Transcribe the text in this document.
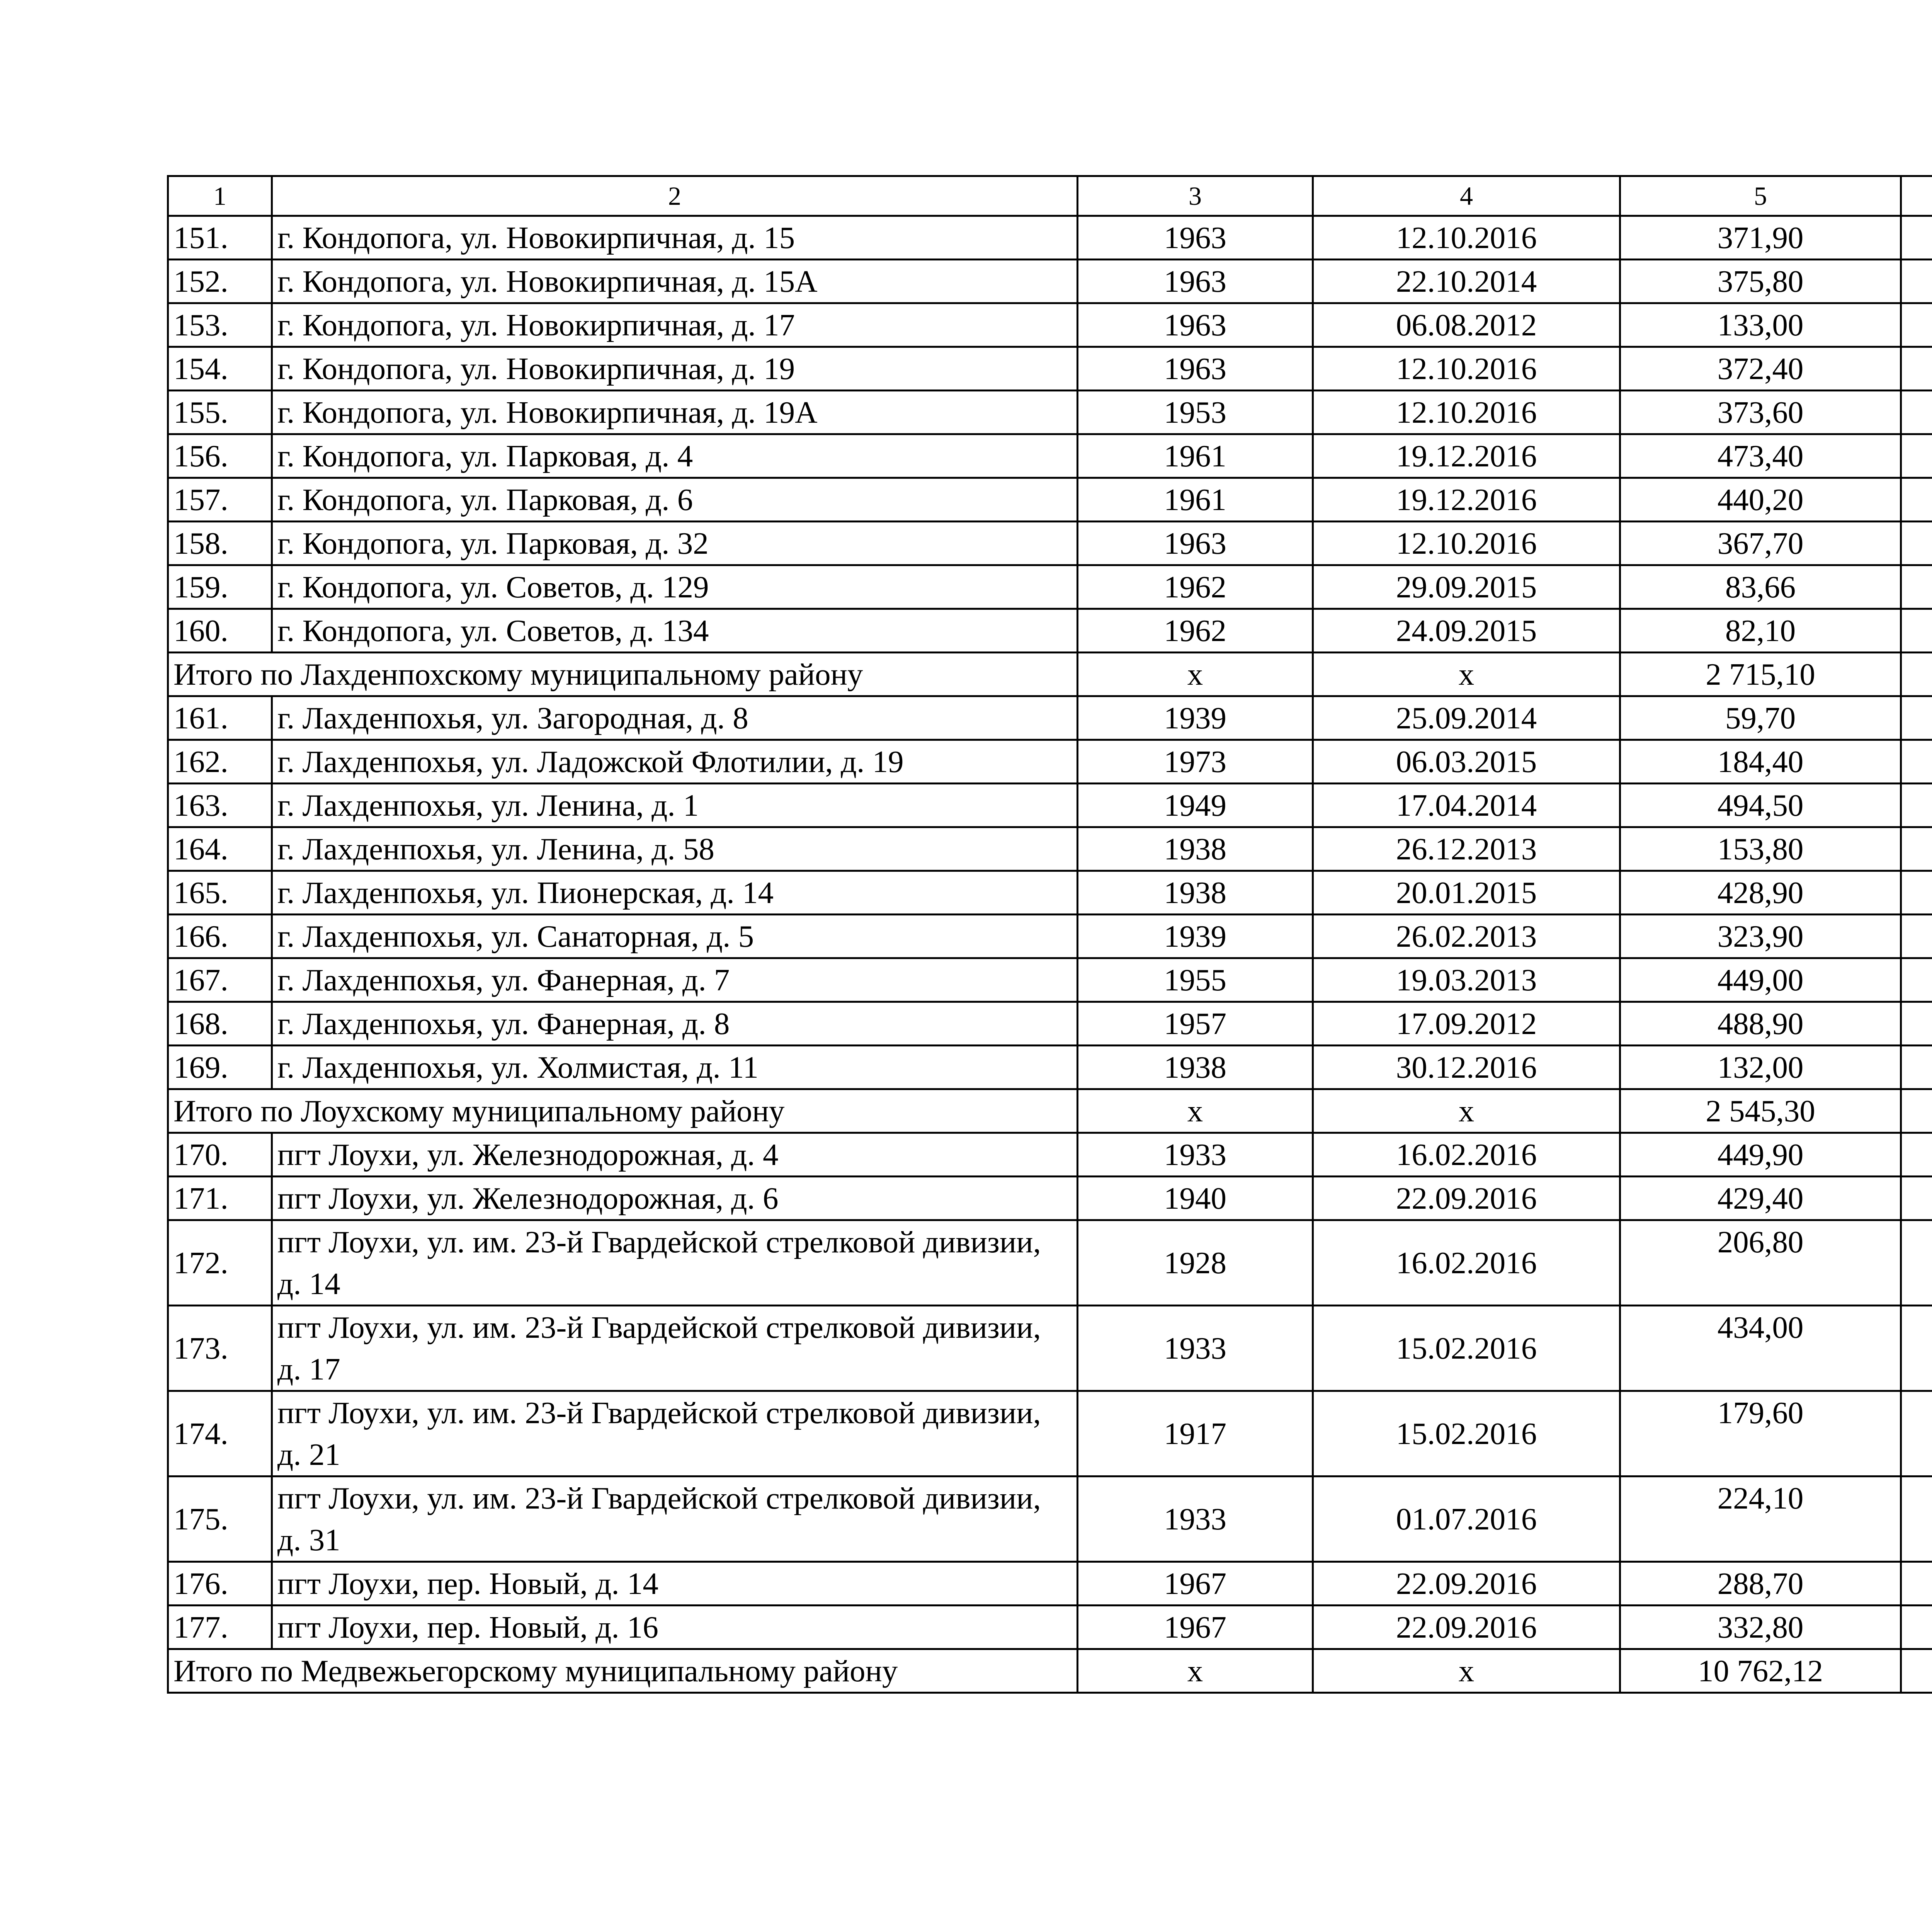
1	2	3	4	5		
151.	г. Кондопога, ул. Новокирпичная, д. 15	1963	12.10.2016	371,90		
152.	г. Кондопога, ул. Новокирпичная, д. 15А	1963	22.10.2014	375,80		
153.	г. Кондопога, ул. Новокирпичная, д. 17	1963	06.08.2012	133,00		
154.	г. Кондопога, ул. Новокирпичная, д. 19	1963	12.10.2016	372,40		
155.	г. Кондопога, ул. Новокирпичная, д. 19А	1953	12.10.2016	373,60		
156.	г. Кондопога, ул. Парковая, д. 4	1961	19.12.2016	473,40		
157.	г. Кондопога, ул. Парковая, д. 6	1961	19.12.2016	440,20		
158.	г. Кондопога, ул. Парковая, д. 32	1963	12.10.2016	367,70		
159.	г. Кондопога, ул. Советов, д. 129	1962	29.09.2015	83,66		
160.	г. Кондопога, ул. Советов, д. 134	1962	24.09.2015	82,10		
Итого по Лахденпохскому муниципальному району		х	х	2 715,10		
161.	г. Лахденпохья, ул. Загородная, д. 8	1939	25.09.2014	59,70		
162.	г. Лахденпохья, ул. Ладожской Флотилии, д. 19	1973	06.03.2015	184,40		
163.	г. Лахденпохья, ул. Ленина, д. 1	1949	17.04.2014	494,50		
164.	г. Лахденпохья, ул. Ленина, д. 58	1938	26.12.2013	153,80		
165.	г. Лахденпохья, ул. Пионерская, д. 14	1938	20.01.2015	428,90		
166.	г. Лахденпохья, ул. Санаторная, д. 5	1939	26.02.2013	323,90		
167.	г. Лахденпохья, ул. Фанерная, д. 7	1955	19.03.2013	449,00		
168.	г. Лахденпохья, ул. Фанерная, д. 8	1957	17.09.2012	488,90		
169.	г. Лахденпохья, ул. Холмистая, д. 11	1938	30.12.2016	132,00		
Итого по Лоухскому муниципальному району		х	х	2 545,30		
170.	пгт Лоухи, ул. Железнодорожная, д. 4	1933	16.02.2016	449,90		
171.	пгт Лоухи, ул. Железнодорожная, д. 6	1940	22.09.2016	429,40		
172.	пгт Лоухи, ул. им. 23-й Гвардейской стрелковой дивизии, д. 14	1928	16.02.2016	206,80		
173.	пгт Лоухи, ул. им. 23-й Гвардейской стрелковой дивизии, д. 17	1933	15.02.2016	434,00		
174.	пгт Лоухи, ул. им. 23-й Гвардейской стрелковой дивизии, д. 21	1917	15.02.2016	179,60		
175.	пгт Лоухи, ул. им. 23-й Гвардейской стрелковой дивизии, д. 31	1933	01.07.2016	224,10		
176.	пгт Лоухи, пер. Новый, д. 14	1967	22.09.2016	288,70		
177.	пгт Лоухи, пер. Новый, д. 16	1967	22.09.2016	332,80		
Итого по Медвежьегорскому муниципальному району		х	х	10 762,12		
